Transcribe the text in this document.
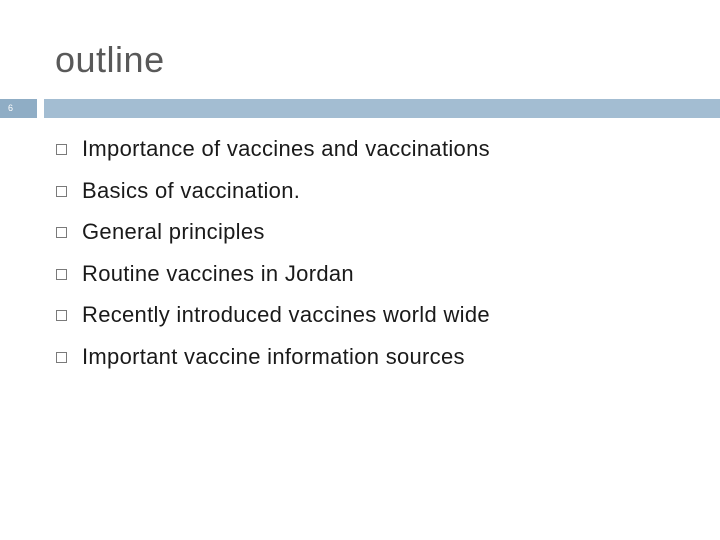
outline
6
Importance of vaccines and vaccinations
Basics of vaccination.
General principles
Routine vaccines in Jordan
Recently introduced vaccines world wide
Important vaccine information sources
